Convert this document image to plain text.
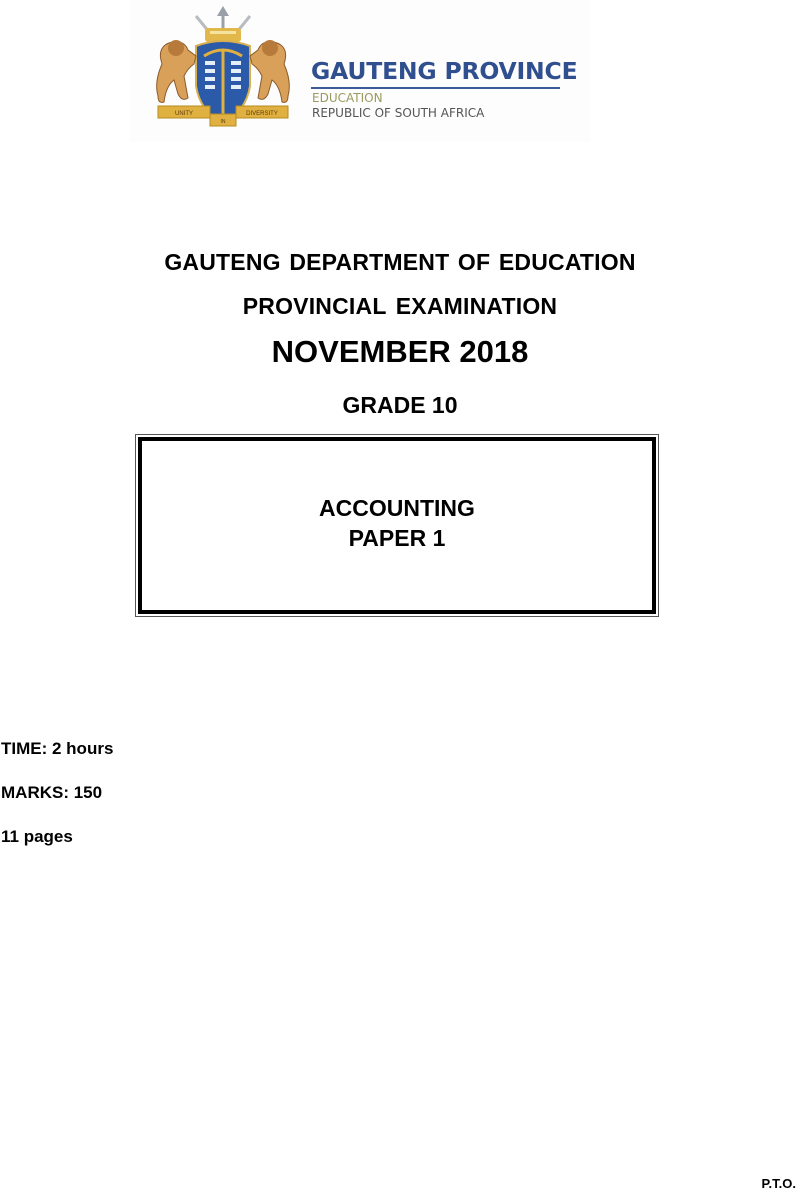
UNITY
IN
DIVERSITY
GAUTENG PROVINCE
EDUCATION
REPUBLIC OF SOUTH AFRICA
GAUTENG DEPARTMENT OF EDUCATION
PROVINCIAL EXAMINATION
NOVEMBER 2018
GRADE 10
ACCOUNTING
PAPER 1
TIME: 2 hours
MARKS: 150
11 pages
P.T.O.
